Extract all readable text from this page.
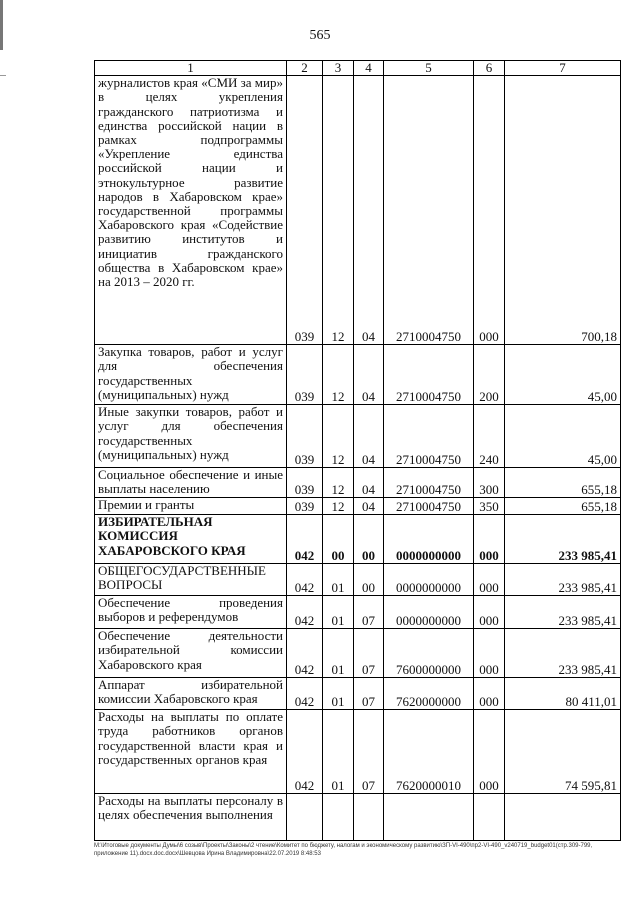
565
1	2	3	4	5	6	7
журналистов края «СМИ за мир» в целях укрепления гражданского патриотизма и единства российской нации в рамках подпрограммы «Укрепление единства российской нации и этнокультурное развитие народов в Хабаровском крае» государственной программы Хабаровского края «Содействие развитию институтов и инициатив гражданского общества в Хабаровском крае» на 2013 – 2020 гг.	039	12	04	2710004750	000	700,18
Закупка товаров, работ и услуг для обеспечения государственных (муниципальных) нужд	039	12	04	2710004750	200	45,00
Иные закупки товаров, работ и услуг для обеспечения государственных (муниципальных) нужд	039	12	04	2710004750	240	45,00
Социальное обеспечение и иные выплаты населению	039	12	04	2710004750	300	655,18
Премии и гранты	039	12	04	2710004750	350	655,18
ИЗБИРАТЕЛЬНАЯ КОМИССИЯ ХАБАРОВСКОГО КРАЯ	042	00	00	0000000000	000	233 985,41
ОБЩЕГОСУДАРСТВЕННЫЕ ВОПРОСЫ	042	01	00	0000000000	000	233 985,41
Обеспечение проведения выборов и референдумов	042	01	07	0000000000	000	233 985,41
Обеспечение деятельности избирательной комиссии Хабаровского края	042	01	07	7600000000	000	233 985,41
Аппарат избирательной комиссии Хабаровского края	042	01	07	7620000000	000	80 411,01
Расходы на выплаты по оплате труда работников органов государственной власти края и государственных органов края	042	01	07	7620000010	000	74 595,81
Расходы на выплаты персоналу в целях обеспечения выполнения						
M:\Итоговые документы Думы\6 созыв\Проекты\Законы\2 чтение\Комитет по бюджету, налогам и экономическому развитию\ЗП-VI-490\пр2-VI-490_v240719_budget01(стр.309-799, приложение 11).docx.doc.docx\Шевцова Ирина Владимировна\22.07.2019 8:48:53
